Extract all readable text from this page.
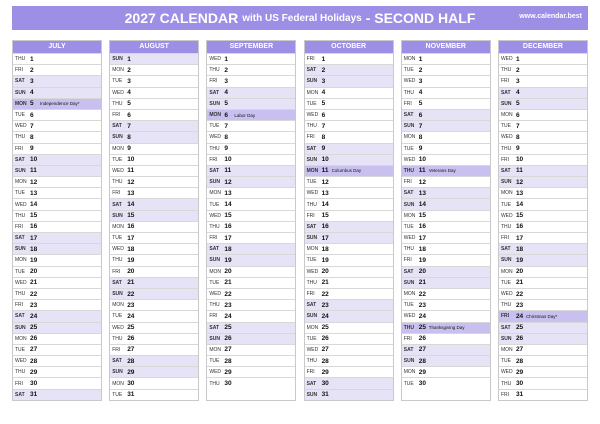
2027 CALENDAR with US Federal Holidays - SECOND HALF	www.calendar.best
JULY
THU 1
FRI	2
SAT 3
SUN 4
MON 5	Independence Day*
TUE 6
WED 7
THU 8
FRI	9
SAT 10
SUN 11
MON 12
TUE 13
WED 14
THU 15
FRI	16
SAT 17
SUN 18
MON 19
TUE 20
WED 21
THU 22
FRI	23
SAT 24
SUN 25
MON 26
TUE 27
WED 28
THU 29
FRI	30
SAT 31
AUGUST
SUN 1
MON 2
TUE 3
WED 4
THU 5
FRI	6
SAT 7
SUN 8
MON 9
TUE 10
WED 11
THU 12
FRI	13
SAT 14
SUN 15
MON 16
TUE 17
WED 18
THU 19
FRI	20
SAT 21
SUN 22
MON 23
TUE 24
WED 25
THU 26
FRI	27
SAT 28
SUN 29
MON 30
TUE 31
SEPTEMBER
WED 1
THU 2
FRI	3
SAT 4
SUN 5
MON 6	Labor Day
TUE 7
WED 8
THU 9
FRI	10
SAT 11
SUN 12
MON 13
TUE 14
WED 15
THU 16
FRI	17
SAT 18
SUN 19
MON 20
TUE 21
WED 22
THU 23
FRI	24
SAT 25
SUN 26
MON 27
TUE 28
WED 29
THU 30
OCTOBER
FRI	1
SAT 2
SUN 3
MON 4
TUE 5
WED 6
THU 7
FRI	8
SAT 9
SUN 10
MON 11 Columbus Day
TUE 12
WED 13
THU 14
FRI	15
SAT 16
SUN 17
MON 18
TUE 19
WED 20
THU 21
FRI	22
SAT 23
SUN 24
MON 25
TUE 26
WED 27
THU 28
FRI	29
SAT 30
SUN 31
NOVEMBER
MON 1
TUE 2
WED 3
THU 4
FRI	5
SAT 6
SUN 7
MON 8
TUE 9
WED 10
THU 11 Veterans Day
FRI	12
SAT 13
SUN 14
MON 15
TUE 16
WED 17
THU 18
FRI	19
SAT 20
SUN 21
MON 22
TUE 23
WED 24
THU 25 Thanksgiving Day
FRI	26
SAT 27
SUN 28
MON 29
TUE 30
DECEMBER
WED 1
THU 2
FRI	3
SAT 4
SUN 5
MON 6
TUE 7
WED 8
THU 9
FRI	10
SAT 11
SUN 12
MON 13
TUE 14
WED 15
THU 16
FRI	17
SAT 18
SUN 19
MON 20
TUE 21
WED 22
THU 23
FRI	24 Christmas Day*
SAT 25
SUN 26
MON 27
TUE 28
WED 29
THU 30
FRI	31
